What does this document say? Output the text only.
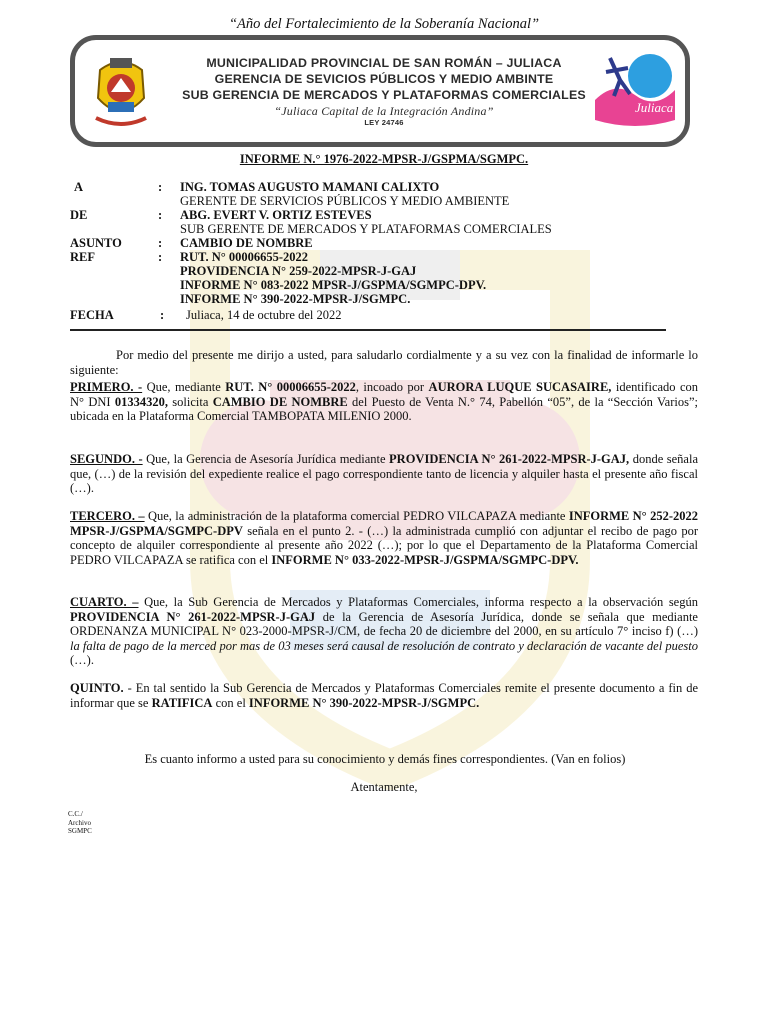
“Año del Fortalecimiento de la Soberanía Nacional”
Juliaca
MUNICIPALIDAD PROVINCIAL DE SAN ROMÁN – JULIACA
GERENCIA DE SEVICIOS PÚBLICOS Y MEDIO AMBINTE
SUB GERENCIA DE MERCADOS Y PLATAFORMAS COMERCIALES
“Juliaca Capital de la Integración Andina”
LEY 24746
INFORME N.° 1976-2022-MPSR-J/GSPMA/SGMPC.
A	: ING. TOMAS AUGUSTO MAMANI CALIXTO
GERENTE DE SERVICIOS PÚBLICOS Y MEDIO AMBIENTE
DE	: ABG. EVERT V. ORTIZ ESTEVES
SUB GERENTE DE MERCADOS Y PLATAFORMAS COMERCIALES
ASUNTO	: CAMBIO DE NOMBRE
REF	: RUT. N° 00006655-2022
PROVIDENCIA N° 259-2022-MPSR-J-GAJ
INFORME N° 083-2022 MPSR-J/GSPMA/SGMPC-DPV.
INFORME N° 390-2022-MPSR-J/SGMPC.
FECHA	: Juliaca, 14 de octubre del 2022
Por medio del presente me dirijo a usted, para saludarlo cordialmente y a su vez con la finalidad de informarle lo siguiente:
PRIMERO. - Que, mediante RUT. N° 00006655-2022, incoado por AURORA LUQUE SUCASAIRE, identificado con N° DNI 01334320, solicita CAMBIO DE NOMBRE del Puesto de Venta N.° 74, Pabellón “05”, de la “Sección Varios”; ubicada en la Plataforma Comercial TAMBOPATA MILENIO 2000.
SEGUNDO. - Que, la Gerencia de Asesoría Jurídica mediante PROVIDENCIA N° 261-2022-MPSR-J-GAJ, donde señala que, (…) de la revisión del expediente realice el pago correspondiente tanto de licencia y alquiler hasta el presente año fiscal (…).
TERCERO. – Que, la administración de la plataforma comercial PEDRO VILCAPAZA mediante INFORME N° 252-2022 MPSR-J/GSPMA/SGMPC-DPV señala en el punto 2. - (…) la administrada cumplió con adjuntar el recibo de pago por concepto de alquiler correspondiente al presente año 2022 (…); por lo que el Departamento de la Plataforma Comercial PEDRO VILCAPAZA se ratifica con el INFORME N° 033-2022-MPSR-J/GSPMA/SGMPC-DPV.
CUARTO. – Que, la Sub Gerencia de Mercados y Plataformas Comerciales, informa respecto a la observación según PROVIDENCIA N° 261-2022-MPSR-J-GAJ de la Gerencia de Asesoría Jurídica, donde se señala que mediante ORDENANZA MUNICIPAL N° 023-2000-MPSR-J/CM, de fecha 20 de diciembre del 2000, en su artículo 7° inciso f) (…) la falta de pago de la merced por mas de 03 meses será causal de resolución de contrato y declaración de vacante del puesto (…).
QUINTO. - En tal sentido la Sub Gerencia de Mercados y Plataformas Comerciales remite el presente documento a fin de informar que se RATIFICA con el INFORME N° 390-2022-MPSR-J/SGMPC.
Es cuanto informo a usted para su conocimiento y demás fines correspondientes. (Van en folios)
Atentamente,
C.C./
Archivo
SGMPC
